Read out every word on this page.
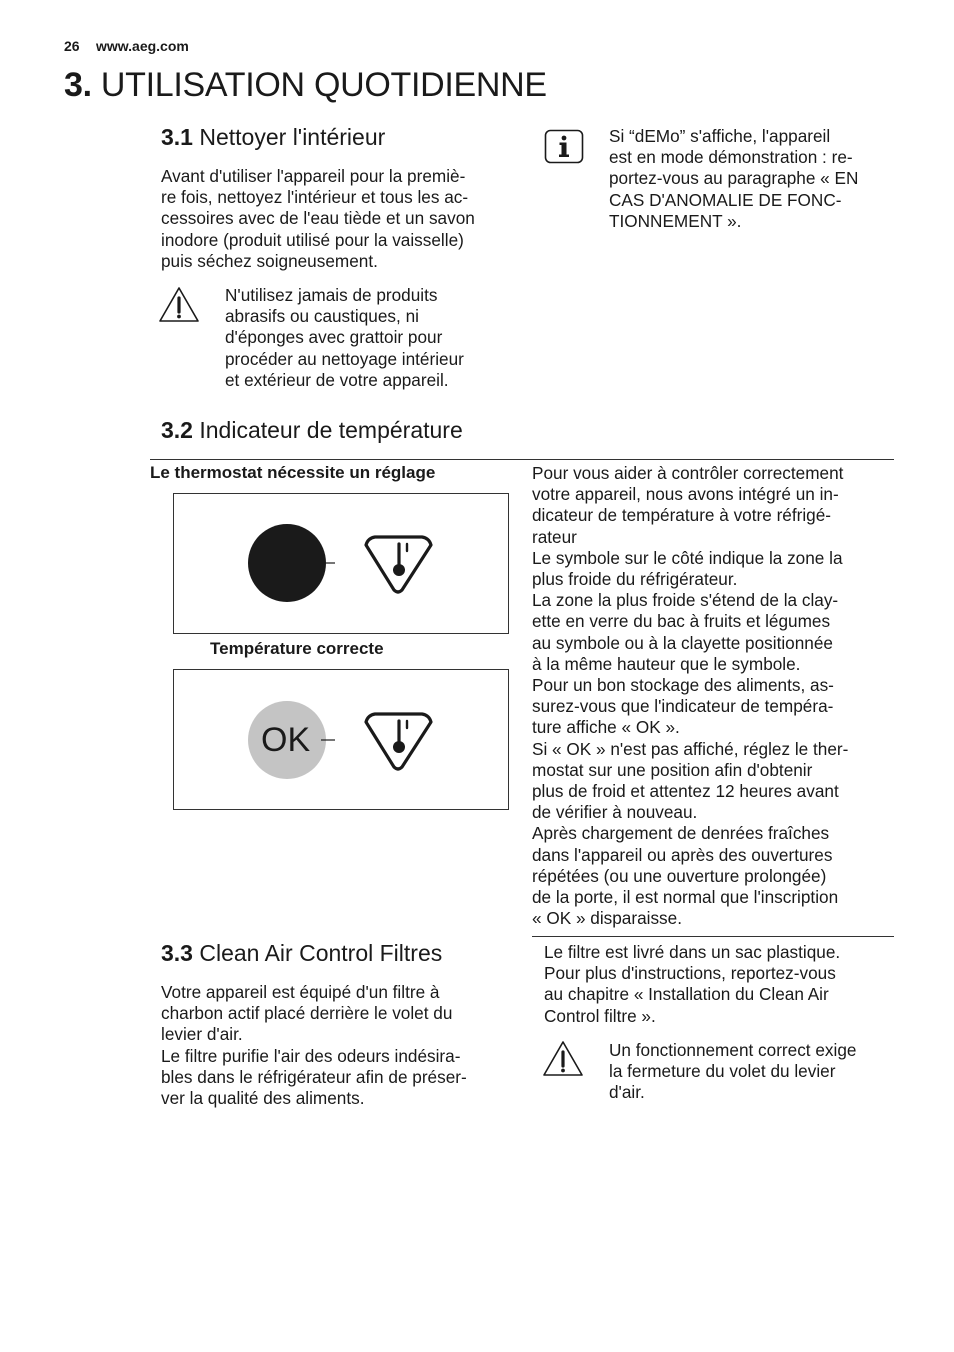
26 www.aeg.com
3. UTILISATION QUOTIDIENNE
3.1 Nettoyer l'intérieur

Avant d'utiliser l'appareil pour la premiè-

re fois, nettoyez l'intérieur et tous les ac-

cessoires avec de l'eau tiède et un savon

inodore (produit utilisé pour la vaisselle)

puis séchez soigneusement.

N'utilisez jamais de produits

abrasifs ou caustiques, ni

d'éponges avec grattoir pour

procéder au nettoyage intérieur

et extérieur de votre appareil.

Si “dEMo” s'affiche, l'appareil

est en mode démonstration : re-

portez-vous au paragraphe « EN

CAS D'ANOMALIE DE FONC-

TIONNEMENT ».

3.2 Indicateur de température
Le thermostat nécessite un réglage
Température correcte
OK

Pour vous aider à contrôler correctement

votre appareil, nous avons intégré un in-

dicateur de température à votre réfrigé-

rateur

Le symbole sur le côté indique la zone la

plus froide du réfrigérateur.

La zone la plus froide s'étend de la clay-

ette en verre du bac à fruits et légumes

au symbole ou à la clayette positionnée

à la même hauteur que le symbole.

Pour un bon stockage des aliments, as-

surez-vous que l'indicateur de tempéra-

ture affiche « OK ».

Si « OK » n'est pas affiché, réglez le ther-

mostat sur une position afin d'obtenir

plus de froid et attentez 12 heures avant

de vérifier à nouveau.

Après chargement de denrées fraîches

dans l'appareil ou après des ouvertures

répétées (ou une ouverture prolongée)

de la porte, il est normal que l'inscription

« OK » disparaisse.

3.3 Clean Air Control Filtres

Votre appareil est équipé d'un filtre à

charbon actif placé derrière le volet du

levier d'air.

Le filtre purifie l'air des odeurs indésira-

bles dans le réfrigérateur afin de préser-

ver la qualité des aliments.

Le filtre est livré dans un sac plastique.

Pour plus d'instructions, reportez-vous

au chapitre « Installation du Clean Air

Control filtre ».

Un fonctionnement correct exige

la fermeture du volet du levier

d'air.
